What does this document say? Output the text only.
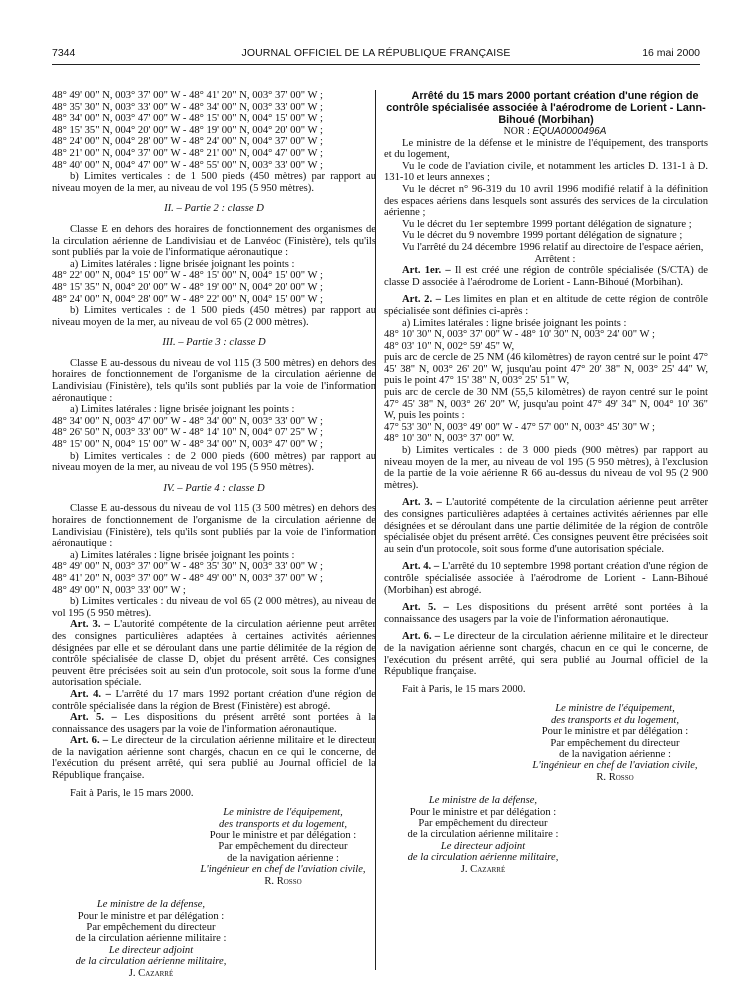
7344	JOURNAL OFFICIEL DE LA RÉPUBLIQUE FRANÇAISE	16 mai 2000

48° 49' 00" N, 003° 37' 00" W - 48° 41' 20" N, 003° 37' 00" W ;

48° 35' 30" N, 003° 33' 00" W - 48° 34' 00" N, 003° 33' 00" W ;

48° 34' 00" N, 003° 47' 00" W - 48° 15' 00" N, 004° 15' 00" W ;

48° 15' 35" N, 004° 20' 00" W - 48° 19' 00" N, 004° 20' 00" W ;

48° 24' 00" N, 004° 28' 00" W - 48° 24' 00" N, 004° 37' 00" W ;

48° 21' 00" N, 004° 37' 00" W - 48° 21' 00" N, 004° 47' 00" W ;

48° 40' 00" N, 004° 47' 00" W - 48° 55' 00" N, 003° 33' 00" W ;

b) Limites verticales : de 1 500 pieds (450 mètres) par rapport au niveau moyen de la mer, au niveau de vol 195 (5 950 mètres).

II. – Partie 2 : classe D

Classe E en dehors des horaires de fonctionnement des organismes de la circulation aérienne de Landivisiau et de Lanvéoc (Finistère), tels qu'ils sont publiés par la voie de l'informatique aéronautique :

a) Limites latérales : ligne brisée joignant les points :

48° 22' 00" N, 004° 15' 00" W - 48° 15' 00" N, 004° 15' 00" W ;

48° 15' 35" N, 004° 20' 00" W - 48° 19' 00" N, 004° 20' 00" W ;

48° 24' 00" N, 004° 28' 00" W - 48° 22' 00" N, 004° 15' 00" W ;

b) Limites verticales : de 1 500 pieds (450 mètres) par rapport au niveau moyen de la mer, au niveau de vol 65 (2 000 mètres).

III. – Partie 3 : classe D

Classe E au-dessous du niveau de vol 115 (3 500 mètres) en dehors des horaires de fonctionnement de l'organisme de la circulation aérienne de Landivisiau (Finistère), tels qu'ils sont publiés par la voie de l'information aéronautique :

a) Limites latérales : ligne brisée joignant les points :

48° 34' 00" N, 003° 47' 00" W - 48° 34' 00" N, 003° 33' 00" W ;

48° 26' 50" N, 003° 33' 00" W - 48° 14' 10" N, 004° 07' 25" W ;

48° 15' 00" N, 004° 15' 00" W - 48° 34' 00" N, 003° 47' 00" W ;

b) Limites verticales : de 2 000 pieds (600 mètres) par rapport au niveau moyen de la mer, au niveau de vol 195 (5 950 mètres).

IV. – Partie 4 : classe D

Classe E au-dessous du niveau de vol 115 (3 500 mètres) en dehors des horaires de fonctionnement de l'organisme de la circulation aérienne de Landivisiau (Finistère), tels qu'ils sont publiés par la voie de l'information aéronautique :

a) Limites latérales : ligne brisée joignant les points :

48° 49' 00" N, 003° 37' 00" W - 48° 35' 30" N, 003° 33' 00" W ;

48° 41' 20" N, 003° 37' 00" W - 48° 49' 00" N, 003° 37' 00" W ;

48° 49' 00" N, 003° 33' 00" W ;

b) Limites verticales : du niveau de vol 65 (2 000 mètres), au niveau de vol 195 (5 950 mètres).

Art. 3. – L'autorité compétente de la circulation aérienne peut arrêter des consignes particulières adaptées à certaines activités aériennes désignées par elle et se déroulant dans une partie délimitée de la région de contrôle spécialisée de classe D, objet du présent arrêté. Ces consignes peuvent être précisées soit au sein d'un protocole, soit sous la forme d'une autorisation spéciale.

Art. 4. – L'arrêté du 17 mars 1992 portant création d'une région de contrôle spécialisée dans la région de Brest (Finistère) est abrogé.

Art. 5. – Les dispositions du présent arrêté sont portées à la connaissance des usagers par la voie de l'information aéronautique.

Art. 6. – Le directeur de la circulation aérienne militaire et le directeur de la navigation aérienne sont chargés, chacun en ce qui le concerne, de l'exécution du présent arrêté, qui sera publié au Journal officiel de la République française.

Fait à Paris, le 15 mars 2000.

Le ministre de l'équipement,

des transports et du logement,

Pour le ministre et par délégation :

Par empêchement du directeur

de la navigation aérienne :

L'ingénieur en chef de l'aviation civile,

R. Rosso

Le ministre de la défense,

Pour le ministre et par délégation :

Par empêchement du directeur

de la circulation aérienne militaire :

Le directeur adjoint

de la circulation aérienne militaire,

J. Cazarré

Arrêté du 15 mars 2000 portant création d'une région de contrôle spécialisée associée à l'aérodrome de Lorient - Lann-Bihoué (Morbihan)

NOR : EQUA0000496A

Le ministre de la défense et le ministre de l'équipement, des transports et du logement,

Vu le code de l'aviation civile, et notamment les articles D. 131-1 à D. 131-10 et leurs annexes ;

Vu le décret n° 96-319 du 10 avril 1996 modifié relatif à la définition des espaces aériens dans lesquels sont assurés des services de la circulation aérienne ;

Vu le décret du 1er septembre 1999 portant délégation de signature ;

Vu le décret du 9 novembre 1999 portant délégation de signature ;

Vu l'arrêté du 24 décembre 1996 relatif au directoire de l'espace aérien,

Arrêtent :

Art. 1er. – Il est créé une région de contrôle spécialisée (S/CTA) de classe D associée à l'aérodrome de Lorient - Lann-Bihoué (Morbihan).

Art. 2. – Les limites en plan et en altitude de cette région de contrôle spécialisée sont définies ci-après :

a) Limites latérales : ligne brisée joignant les points :

48° 10' 30" N, 003° 37' 00" W - 48° 10' 30" N, 003° 24' 00" W ;

48° 03' 10" N, 002° 59' 45" W,

puis arc de cercle de 25 NM (46 kilomètres) de rayon centré sur le point 47° 45' 38" N, 003° 26' 20" W, jusqu'au point 47° 20' 38" N, 003° 25' 44" W, puis le point 47° 15' 38" N, 003° 25' 51" W,

puis arc de cercle de 30 NM (55,5 kilomètres) de rayon centré sur le point 47° 45' 38" N, 003° 26' 20" W, jusqu'au point 47° 49' 34" N, 004° 10' 36" W, puis les points :

47° 53' 30" N, 003° 49' 00" W - 47° 57' 00" N, 003° 45' 30" W ;

48° 10' 30" N, 003° 37' 00" W.

b) Limites verticales : de 3 000 pieds (900 mètres) par rapport au niveau moyen de la mer, au niveau de vol 195 (5 950 mètres), à l'exclusion de la partie de la voie aérienne R 66 au-dessus du niveau de vol 95 (2 900 mètres).

Art. 3. – L'autorité compétente de la circulation aérienne peut arrêter des consignes particulières adaptées à certaines activités aériennes par elle désignées et se déroulant dans une partie délimitée de la région de contrôle spécialisée objet du présent arrêté. Ces consignes peuvent être précisées soit au sein d'un protocole, soit sous forme d'une autorisation spéciale.

Art. 4. – L'arrêté du 10 septembre 1998 portant création d'une région de contrôle spécialisée associée à l'aérodrome de Lorient - Lann-Bihoué (Morbihan) est abrogé.

Art. 5. – Les dispositions du présent arrêté sont portées à la connaissance des usagers par la voie de l'information aéronautique.

Art. 6. – Le directeur de la circulation aérienne militaire et le directeur de la navigation aérienne sont chargés, chacun en ce qui le concerne, de l'exécution du présent arrêté, qui sera publié au Journal officiel de la République française.

Fait à Paris, le 15 mars 2000.

Le ministre de l'équipement,

des transports et du logement,

Pour le ministre et par délégation :

Par empêchement du directeur

de la navigation aérienne :

L'ingénieur en chef de l'aviation civile,

R. Rosso

Le ministre de la défense,

Pour le ministre et par délégation :

Par empêchement du directeur

de la circulation aérienne militaire :

Le directeur adjoint

de la circulation aérienne militaire,

J. Cazarré
